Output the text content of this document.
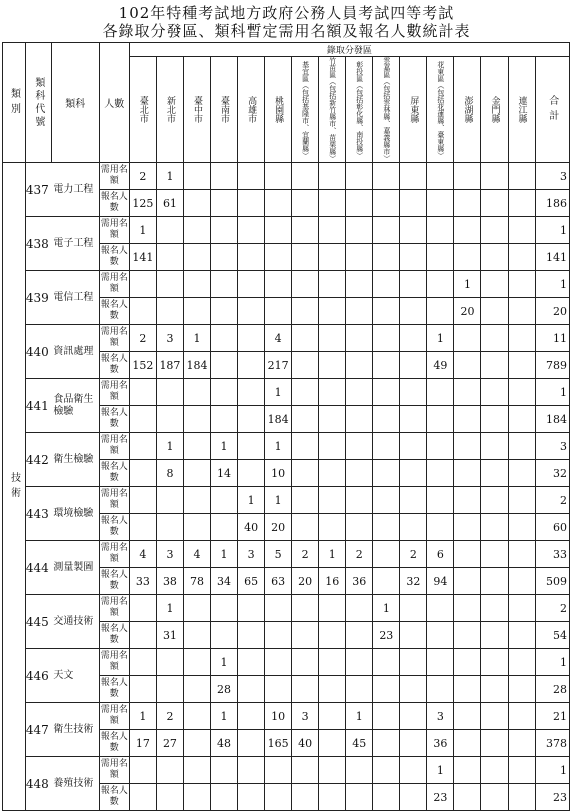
102年特種考試地方政府公務人員考試四等考試
各錄取分發區、類科暫定需用名額及報名人數統計表
類別	類科代號	類科	人數	錄取分發區															

				臺北市	新北市	臺中市	臺南市	高雄市	桃園縣	基宜區（包括基隆市、宜蘭縣）	竹苗區（包括新竹縣市、苗栗縣）	彰投區（包括彰化縣、南投縣）	雲嘉區（包括雲林縣、嘉義縣市）	屏東縣	花東區（包括花蓮縣、臺東縣）	澎湖縣	金門縣	連江縣	合計

技術	437	電力工程	需用名額	2	1														3
			報名人數	125	61														186
	438	電子工程	需用名額	1															1
			報名人數	141															141
	439	電信工程	需用名額													1			1
			報名人數													20			20
	440	資訊處理	需用名額	2	3	1			4						1				11
			報名人數	152	187	184			217						49				789
	441	食品衛生檢驗	需用名額						1										1
			報名人數						184										184
	442	衛生檢驗	需用名額		1		1		1										3
			報名人數		8		14		10										32
	443	環境檢驗	需用名額					1	1										2
			報名人數					40	20										60
	444	測量製圖	需用名額	4	3	4	1	3	5	2	1	2		2	6				33
			報名人數	33	38	78	34	65	63	20	16	36		32	94				509
	445	交通技術	需用名額		1								1						2
			報名人數		31								23						54
	446	天文	需用名額				1												1
			報名人數				28												28
	447	衛生技術	需用名額	1	2		1		10	3		1			3				21
			報名人數	17	27		48		165	40		45			36				378
	448	養殖技術	需用名額												1				1
			報名人數												23				23
